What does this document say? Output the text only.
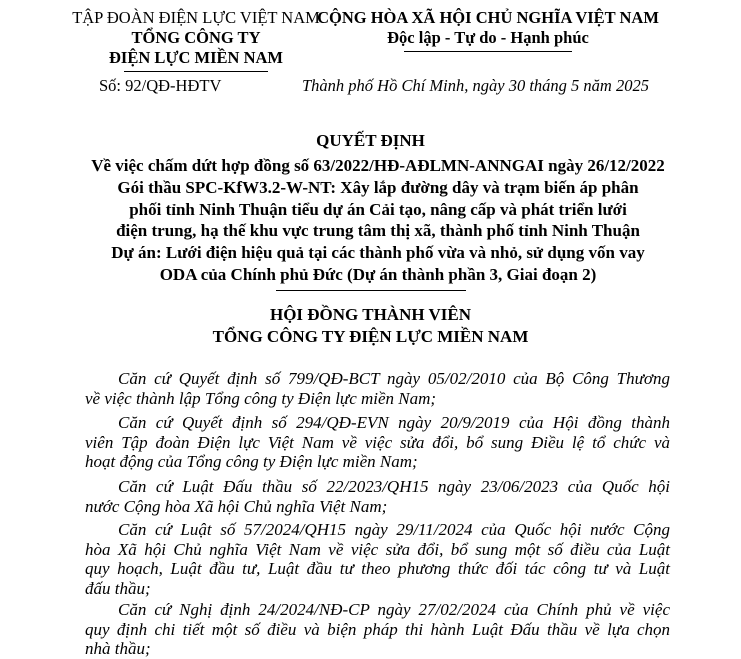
TẬP ĐOÀN ĐIỆN LỰC VIỆT NAM
TỔNG CÔNG TY
ĐIỆN LỰC MIỀN NAM
CỘNG HÒA XÃ HỘI CHỦ NGHĨA VIỆT NAM
Độc lập - Tự do - Hạnh phúc
Số: 92/QĐ-HĐTV	Thành phố Hồ Chí Minh, ngày 30 tháng 5 năm 2025
QUYẾT ĐỊNH
Về việc chấm dứt hợp đồng số 63/2022/HĐ-AĐLMN-ANNGAI ngày 26/12/2022
Gói thầu SPC-KfW3.2-W-NT: Xây lắp đường dây và trạm biến áp phân
phối tỉnh Ninh Thuận tiểu dự án Cải tạo, nâng cấp và phát triển lưới
điện trung, hạ thế khu vực trung tâm thị xã, thành phố tỉnh Ninh Thuận
Dự án: Lưới điện hiệu quả tại các thành phố vừa và nhỏ, sử dụng vốn vay
ODA của Chính phủ Đức (Dự án thành phần 3, Giai đoạn 2)
HỘI ĐỒNG THÀNH VIÊN
TỔNG CÔNG TY ĐIỆN LỰC MIỀN NAM
Căn cứ Quyết định số 799/QĐ-BCT ngày 05/02/2010 của Bộ Công Thương
về việc thành lập Tổng công ty Điện lực miền Nam;
Căn cứ Quyết định số 294/QĐ-EVN ngày 20/9/2019 của Hội đồng thành
viên Tập đoàn Điện lực Việt Nam về việc sửa đổi, bổ sung Điều lệ tổ chức và
hoạt động của Tổng công ty Điện lực miền Nam;
Căn cứ Luật Đấu thầu số 22/2023/QH15 ngày 23/06/2023 của Quốc hội
nước Cộng hòa Xã hội Chủ nghĩa Việt Nam;
Căn cứ Luật số 57/2024/QH15 ngày 29/11/2024 của Quốc hội nước Cộng
hòa Xã hội Chủ nghĩa Việt Nam về việc sửa đổi, bổ sung một số điều của Luật
quy hoạch, Luật đầu tư, Luật đầu tư theo phương thức đối tác công tư và Luật
đấu thầu;
Căn cứ Nghị định 24/2024/NĐ-CP ngày 27/02/2024 của Chính phủ về việc
quy định chi tiết một số điều và biện pháp thi hành Luật Đấu thầu về lựa chọn
nhà thầu;
